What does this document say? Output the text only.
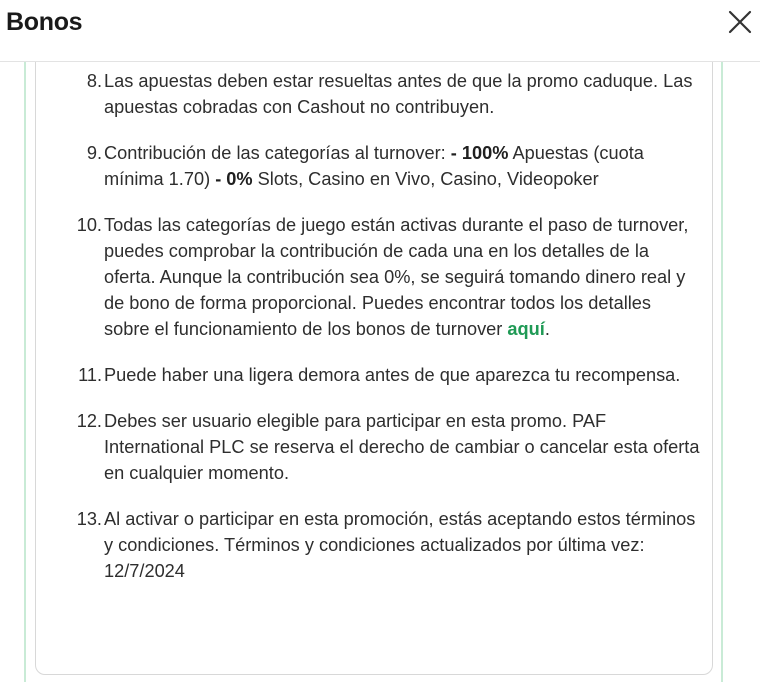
Bonos
8. Las apuestas deben estar resueltas antes de que la promo caduque. Las apuestas cobradas con Cashout no contribuyen.
9. Contribución de las categorías al turnover: - 100% Apuestas (cuota mínima 1.70) - 0% Slots, Casino en Vivo, Casino, Videopoker
10. Todas las categorías de juego están activas durante el paso de turnover, puedes comprobar la contribución de cada una en los detalles de la oferta. Aunque la contribución sea 0%, se seguirá tomando dinero real y de bono de forma proporcional. Puedes encontrar todos los detalles sobre el funcionamiento de los bonos de turnover aquí.
11. Puede haber una ligera demora antes de que aparezca tu recompensa.
12. Debes ser usuario elegible para participar en esta promo. PAF International PLC se reserva el derecho de cambiar o cancelar esta oferta en cualquier momento.
13. Al activar o participar en esta promoción, estás aceptando estos términos y condiciones. Términos y condiciones actualizados por última vez: 12/7/2024
